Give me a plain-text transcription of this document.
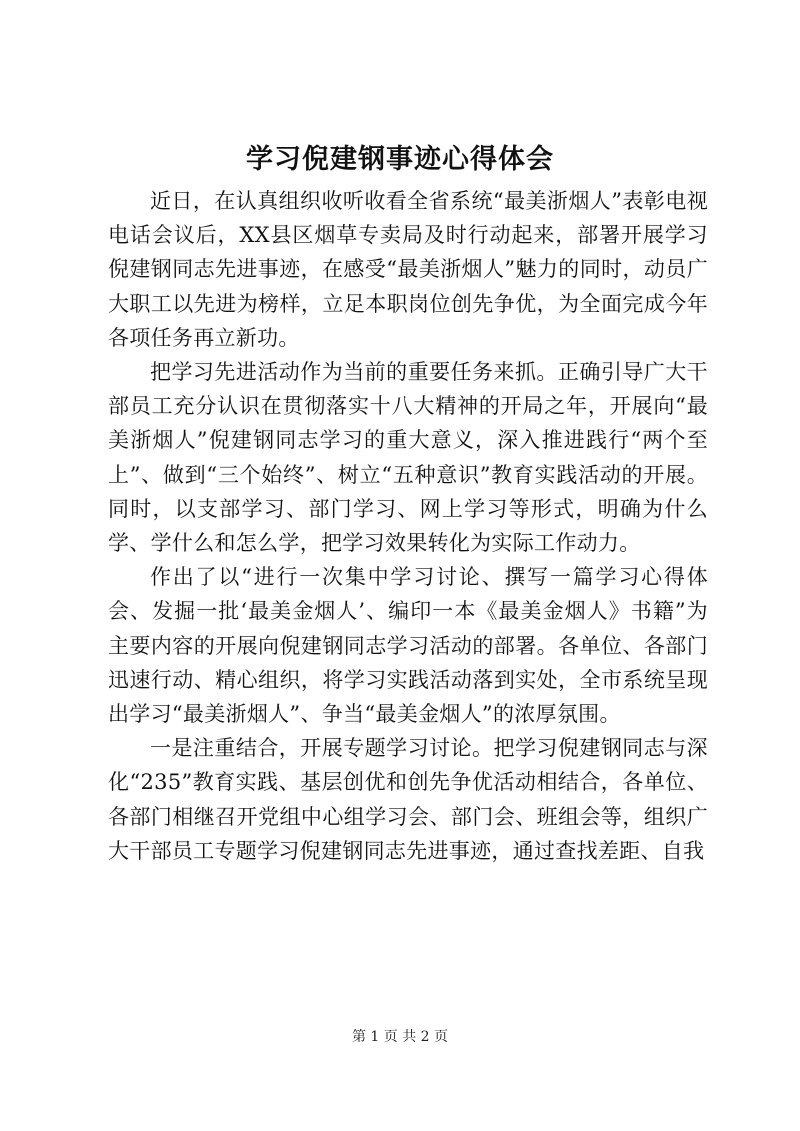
学习倪建钢事迹心得体会

近日，在认真组织收听收看全省系统“最美浙烟人”表彰电视电话会议后，XX县区烟草专卖局及时行动起来，部署开展学习倪建钢同志先进事迹，在感受“最美浙烟人”魅力的同时，动员广大职工以先进为榜样，立足本职岗位创先争优，为全面完成今年各项任务再立新功。

把学习先进活动作为当前的重要任务来抓。正确引导广大干部员工充分认识在贯彻落实十八大精神的开局之年，开展向“最美浙烟人”倪建钢同志学习的重大意义，深入推进践行“两个至上”、做到“三个始终”、树立“五种意识”教育实践活动的开展。同时，以支部学习、部门学习、网上学习等形式，明确为什么学、学什么和怎么学，把学习效果转化为实际工作动力。

作出了以“进行一次集中学习讨论、撰写一篇学习心得体会、发掘一批‘最美金烟人’、编印一本《最美金烟人》书籍”为主要内容的开展向倪建钢同志学习活动的部署。各单位、各部门迅速行动、精心组织，将学习实践活动落到实处，全市系统呈现出学习“最美浙烟人”、争当“最美金烟人”的浓厚氛围。

一是注重结合，开展专题学习讨论。把学习倪建钢同志与深化“235”教育实践、基层创优和创先争优活动相结合，各单位、各部门相继召开党组中心组学习会、部门会、班组会等，组织广大干部员工专题学习倪建钢同志先进事迹，通过查找差距、自我

第 1 页 共 2 页
